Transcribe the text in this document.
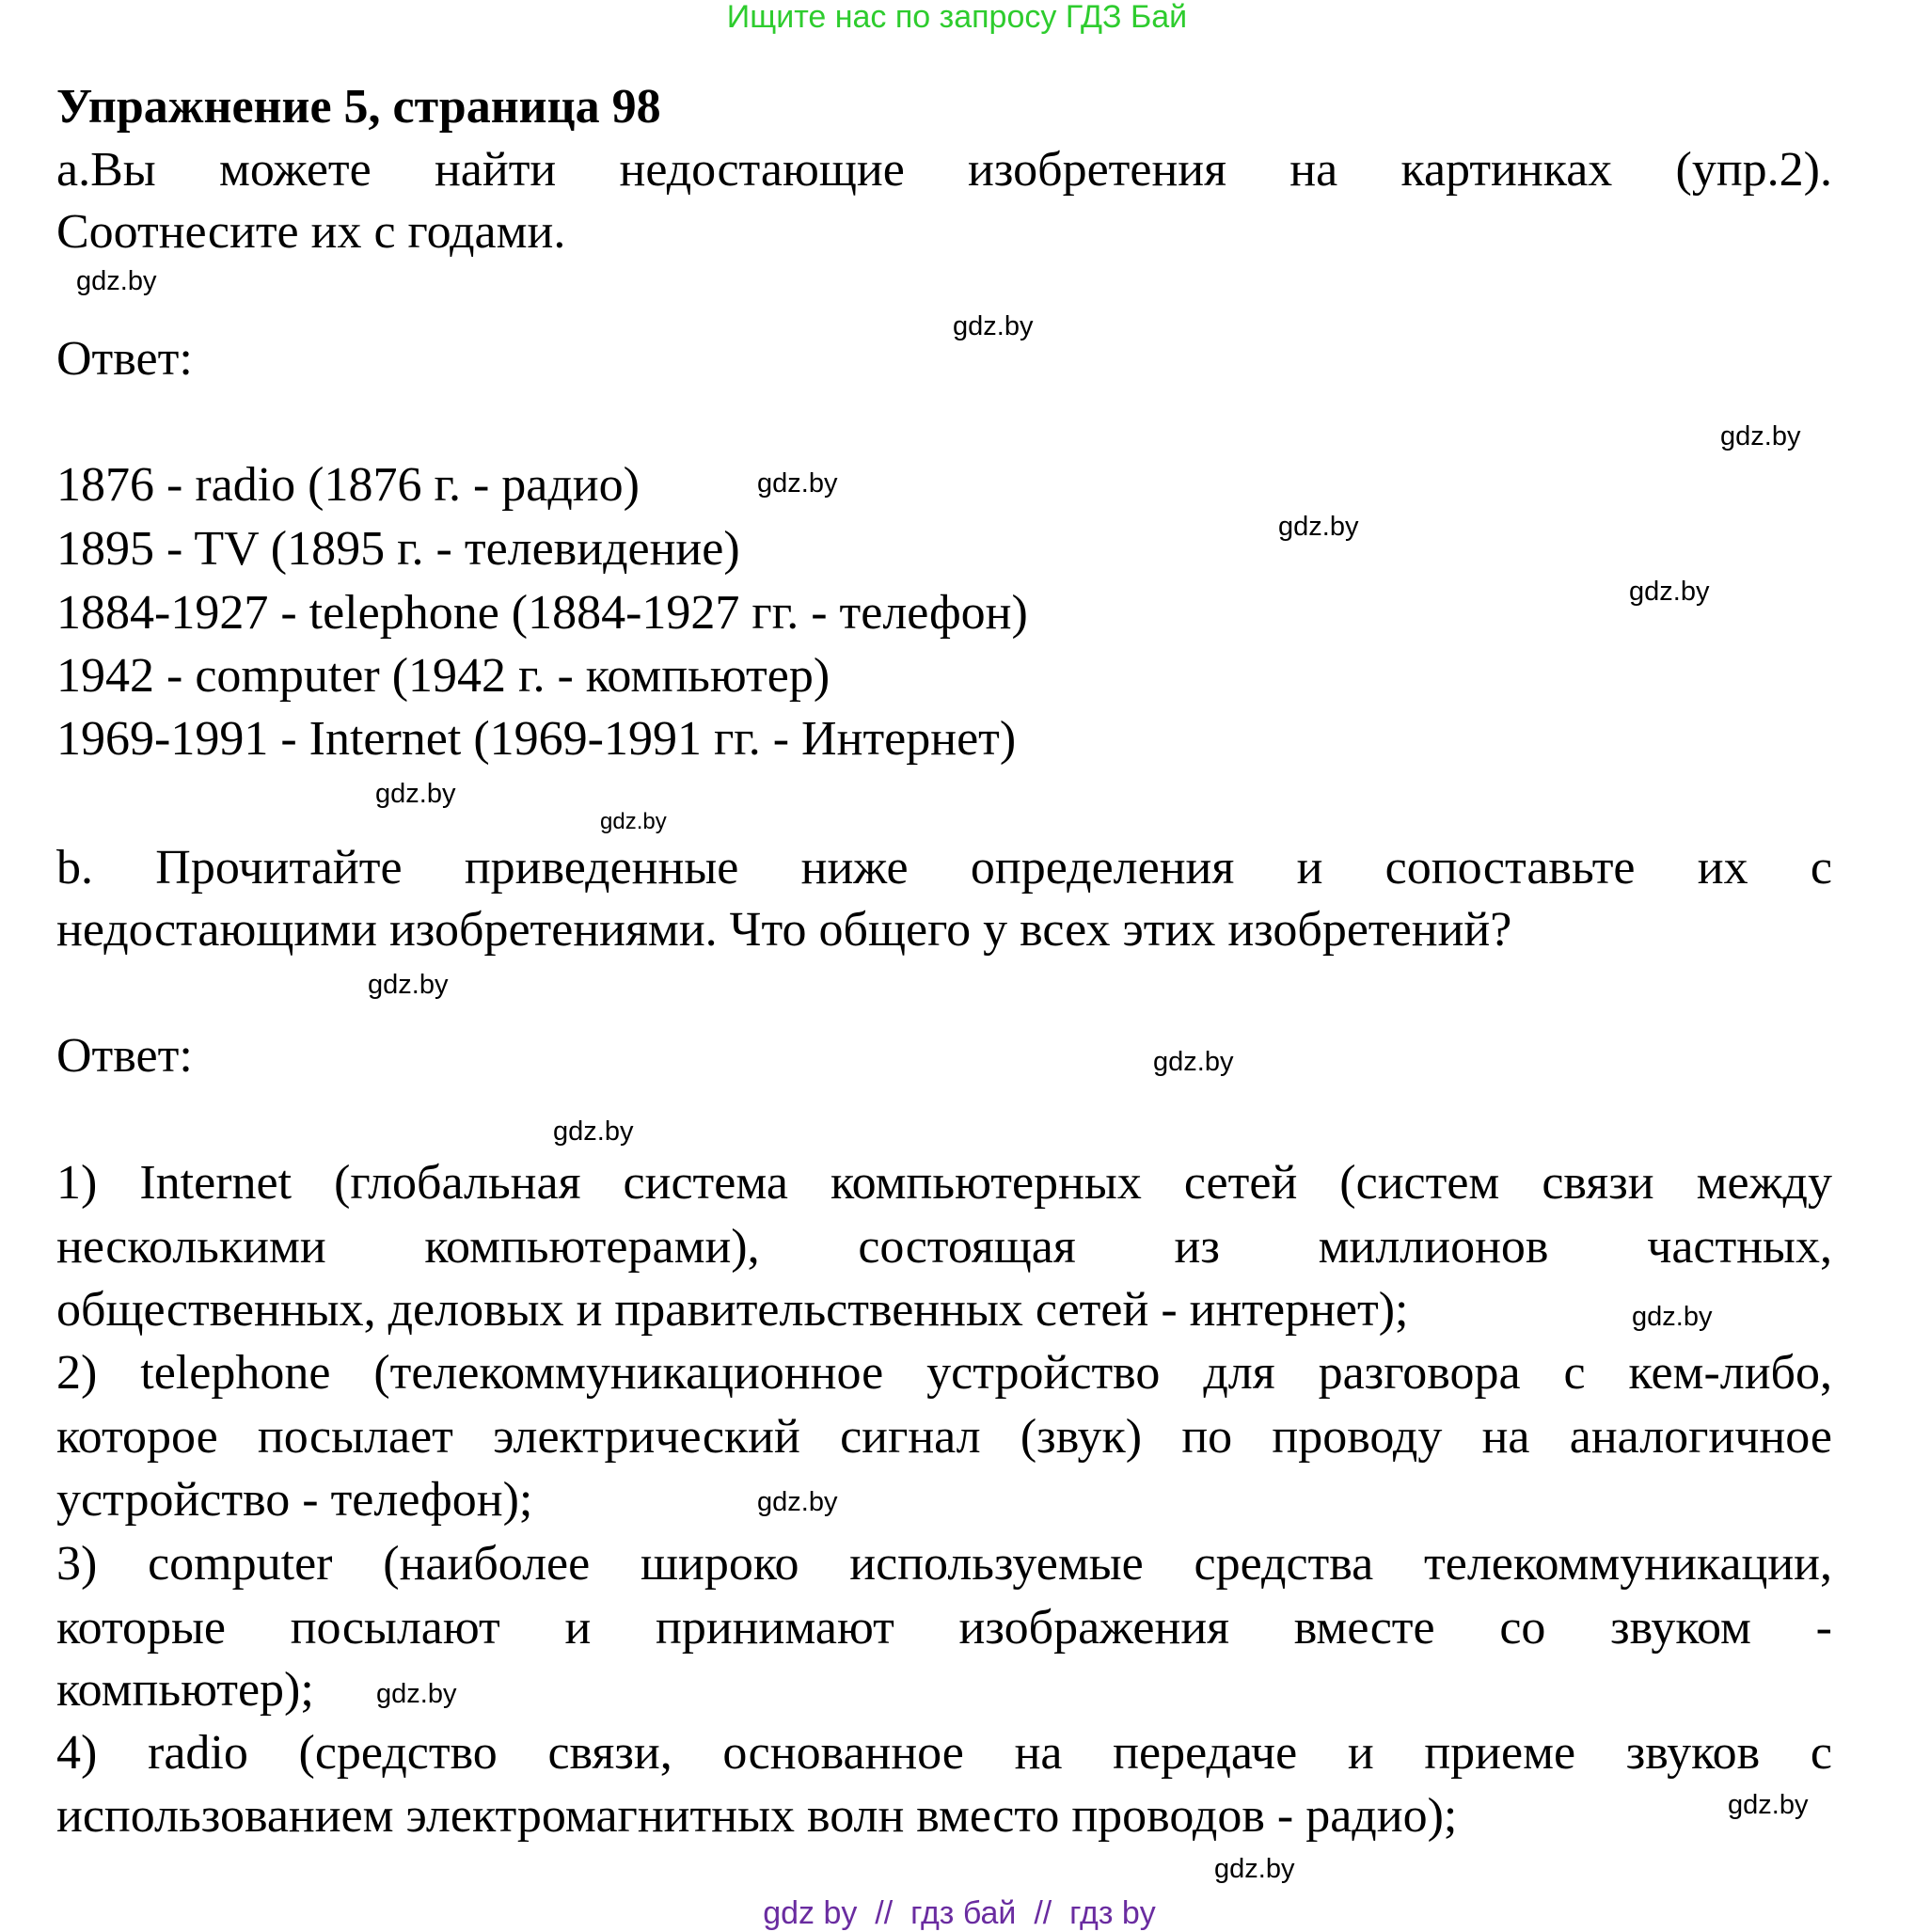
Ищите нас по запросу ГДЗ Бай
Упражнение 5, страница 98
а.Вы можете найти недостающие изобретения на картинках (упр.2).
Соотнесите их с годами.
Ответ:
1876 - radio (1876 г. - радио)
1895 - TV (1895 г. - телевидение)
1884-1927 - telephone (1884-1927 гг. - телефон)
1942 - computer (1942 г. - компьютер)
1969-1991 - Internet (1969-1991 гг. - Интернет)
b. Прочитайте приведенные ниже определения и сопоставьте их с
недостающими изобретениями. Что общего у всех этих изобретений?
Ответ:
1) Internet (глобальная система компьютерных сетей (систем связи между
несколькими компьютерами), состоящая из миллионов частных,
общественных, деловых и правительственных сетей - интернет);
2) telephone (телекоммуникационное устройство для разговора с кем-либо,
которое посылает электрический сигнал (звук) по проводу на аналогичное
устройство - телефон);
3) computer (наиболее широко используемые средства телекоммуникации,
которые посылают и принимают изображения вместе со звуком -
компьютер);
4) radio (средство связи, основанное на передаче и приеме звуков с
использованием электромагнитных волн вместо проводов - радио);
gdz.by
gdz.by
gdz.by
gdz.by
gdz.by
gdz.by
gdz.by
gdz.by
gdz.by
gdz.by
gdz.by
gdz.by
gdz.by
gdz.by
gdz.by
gdz.by
gdz by  //  гдз бай  //  гдз by
